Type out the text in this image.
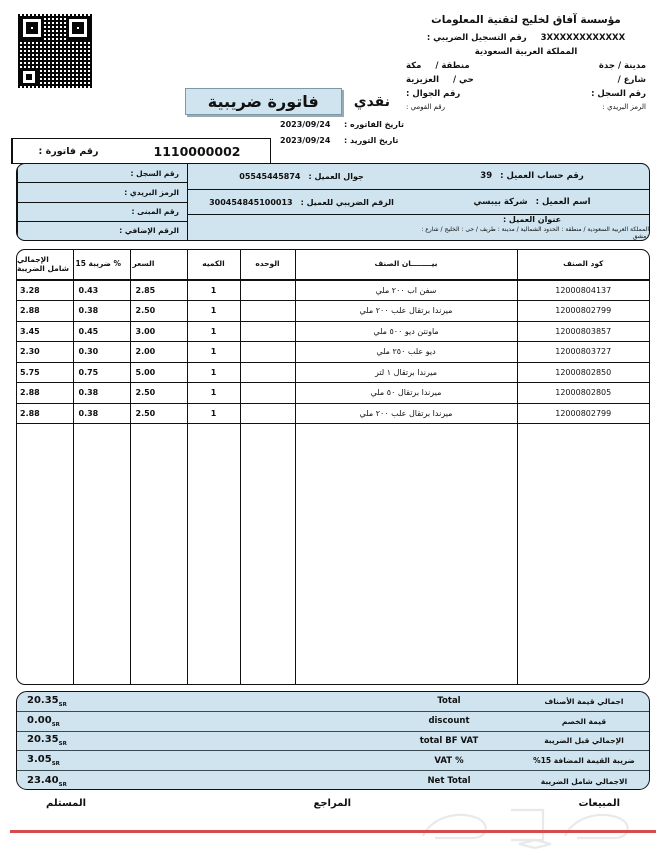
مؤسسة آفاق لخليج لتقنية المعلومات
3XXXXXXXXXXXX  رقم التسجيل الضريبي :
المملكة العربية السعودية
مدينة / جدة
منطقة /  مكة
شارع /
حي /  العزيزية
رقم السجل :
رقم الجوال :
الرمز البريدي :
رقم القومي :
نقدي
فاتورة ضريبية
تاريخ الفاتوره :  2023/09/24
تاريخ التوريد :  2023/09/24
1110000002
رقم فاتورة :
رقم حساب العميل :
39
اسم العميل :
شركة بيبسي
عنوان العميل :
المملكة العربية السعودية / منطقة : الحدود الشمالية / مدينة : طريف / حى : الخليج / شارع : دمشق
جوال العميل :
05545445874
الرقم الضريبي للعميل :
300454845100013
رقم السجل :
الرمز البريدي :
رقم المبنى :
الرقم الإضافي :
كود الصنف	بيــــــــان الصنف	الوحده	الكميه	السعر	ضريبة 15 %	الإجمالي شامل الضريبة
12000804137	سفن اب ٢٠٠ ملي		1	2.85	0.43	3.28
12000802799	ميرندا برتقال علب ٢٠٠ ملي		1	2.50	0.38	2.88
12000803857	ماونتن ديو ٥٠٠ ملي		1	3.00	0.45	3.45
12000803727	ديو علب ٢٥٠ ملي		1	2.00	0.30	2.30
12000802850	ميرندا برتقال ١ لتر		1	5.00	0.75	5.75
12000802805	ميرندا برتقال ٥٠ ملي		1	2.50	0.38	2.88
12000802799	ميرندا برتقال علب ٢٠٠ ملي		1	2.50	0.38	2.88

اجمالي قيمة الأصناف
Total
$20.35_{SR}$
قيمة الخصم
discount
$0.00_{SR}$
الإجمالي قبل الضريبة
total BF VAT
$20.35_{SR}$
ضريبة القيمة المضافة 15%
VAT %
$3.05_{SR}$
الاجمالي شامل الضريبة
Net Total
$23.40_{SR}$
المبيعات
المراجع
المستلم
